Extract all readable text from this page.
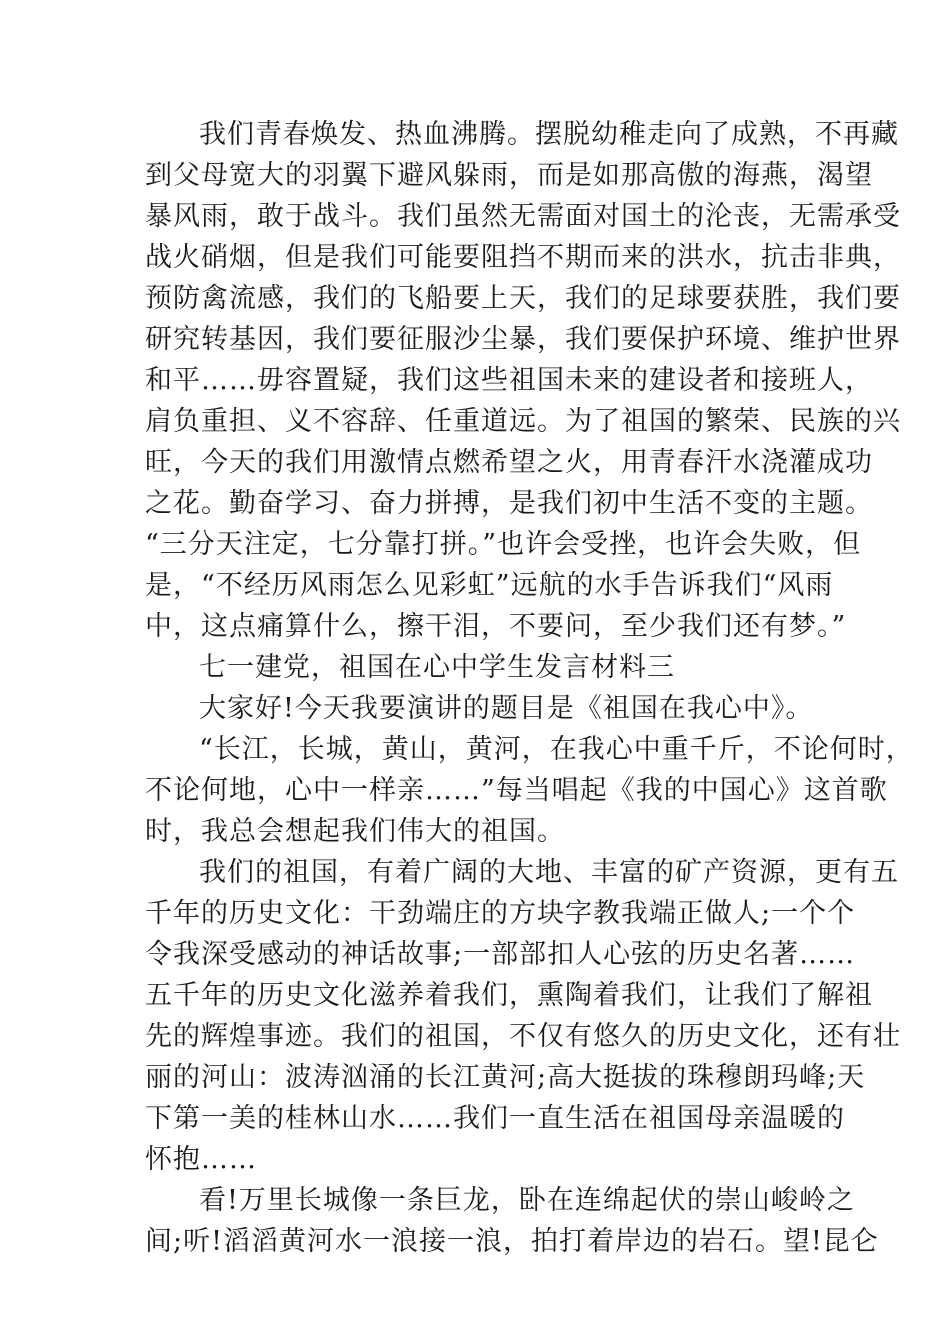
我们青春焕发、热血沸腾。摆脱幼稚走向了成熟，不再藏
到父母宽大的羽翼下避风躲雨，而是如那高傲的海燕，渴望
暴风雨，敢于战斗。我们虽然无需面对国土的沦丧，无需承受
战火硝烟，但是我们可能要阻挡不期而来的洪水，抗击非典，
预防禽流感，我们的飞船要上天，我们的足球要获胜，我们要
研究转基因，我们要征服沙尘暴，我们要保护环境、维护世界
和平……毋容置疑，我们这些祖国未来的建设者和接班人，
肩负重担、义不容辞、任重道远。为了祖国的繁荣、民族的兴
旺，今天的我们用激情点燃希望之火，用青春汗水浇灌成功
之花。勤奋学习、奋力拼搏，是我们初中生活不变的主题。
“三分天注定，七分靠打拼。”也许会受挫，也许会失败，但
是，“不经历风雨怎么见彩虹”远航的水手告诉我们“风雨
中，这点痛算什么，擦干泪，不要问，至少我们还有梦。”
七一建党，祖国在心中学生发言材料三
大家好!今天我要演讲的题目是《祖国在我心中》。
“长江，长城，黄山，黄河，在我心中重千斤，不论何时，
不论何地，心中一样亲……”每当唱起《我的中国心》这首歌
时，我总会想起我们伟大的祖国。
我们的祖国，有着广阔的大地、丰富的矿产资源，更有五
千年的历史文化：干劲端庄的方块字教我端正做人;一个个
令我深受感动的神话故事;一部部扣人心弦的历史名著……
五千年的历史文化滋养着我们，熏陶着我们，让我们了解祖
先的辉煌事迹。我们的祖国，不仅有悠久的历史文化，还有壮
丽的河山：波涛汹涌的长江黄河;高大挺拔的珠穆朗玛峰;天
下第一美的桂林山水……我们一直生活在祖国母亲温暖的
怀抱……
看!万里长城像一条巨龙，卧在连绵起伏的崇山峻岭之
间;听!滔滔黄河水一浪接一浪，拍打着岸边的岩石。望!昆仑
